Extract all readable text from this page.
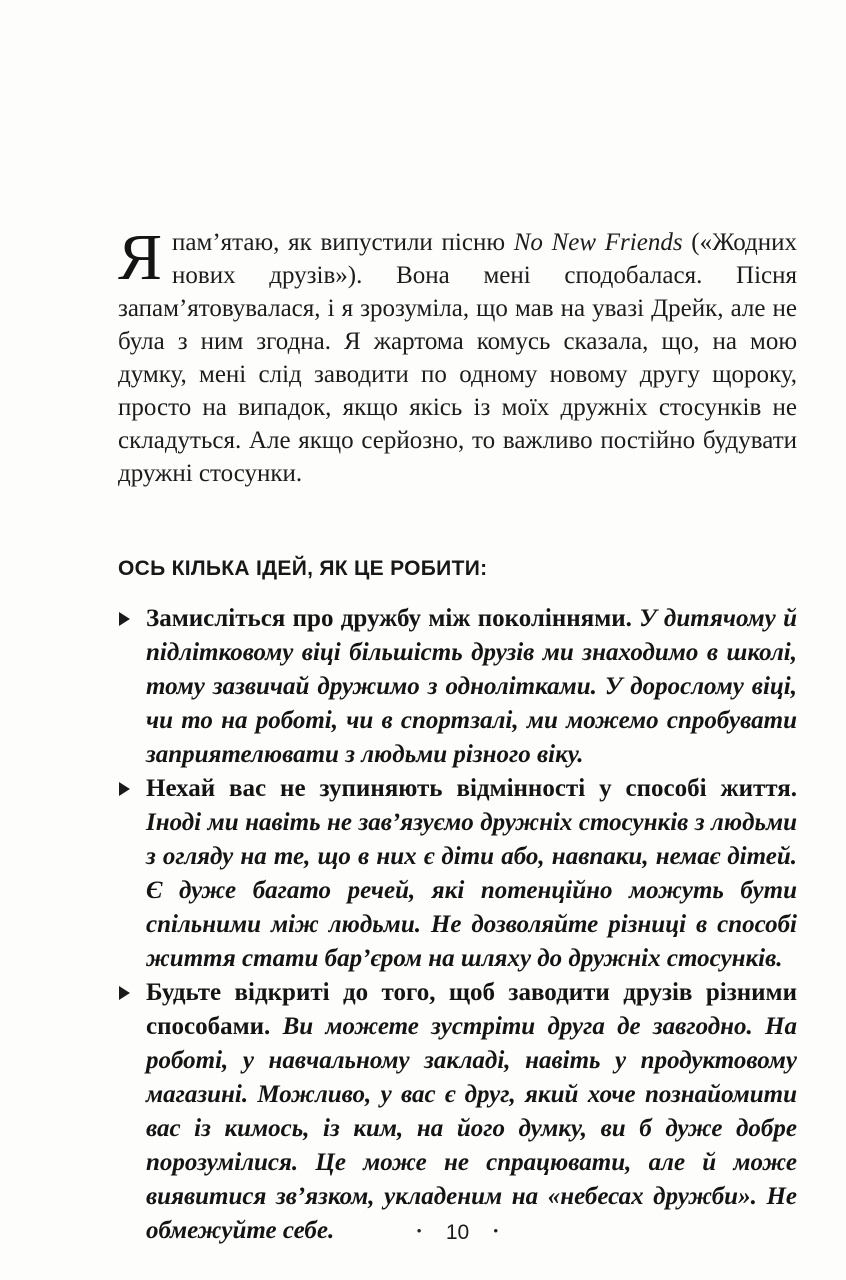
Япам’ятаю, як випустили пісню No New Friends («Жодних нових друзів»). Вона мені сподобалася. Пісня запам’ятовувалася, і я зрозуміла, що мав на увазі Дрейк, але не була з ним згодна. Я жартома комусь сказала, що, на мою думку, мені слід заводити по одному новому другу щороку, просто на випадок, якщо якісь із моїх дружніх стосунків не складуться. Але якщо серйозно, то важливо постійно будувати дружні стосунки.

ОСЬ КІЛЬКА ІДЕЙ, ЯК ЦЕ РОБИТИ:
Замисліться про дружбу між поколіннями. У дитячому й підлітковому віці більшість друзів ми знаходимо в школі, тому зазвичай дружимо з однолітками. У дорослому віці, чи то на роботі, чи в спортзалі, ми можемо спробувати заприятелювати з людьми різного віку.
Нехай вас не зупиняють відмінності у способі життя. Іноді ми навіть не зав’язуємо дружніх стосунків з людьми з огляду на те, що в них є діти або, навпаки, немає дітей. Є дуже багато речей, які потенційно можуть бути спільними між людьми. Не дозволяйте різниці в способі життя стати бар’єром на шляху до дружніх стосунків.
Будьте відкриті до того, щоб заводити друзів різними способами. Ви можете зустріти друга де завгодно. На роботі, у навчальному закладі, навіть у продуктовому магазині. Можливо, у вас є друг, який хоче познайомити вас із кимось, із ким, на його думку, ви б дуже добре порозумілися. Це може не спрацювати, але й може виявитися зв’язком, укладеним на «небесах дружби». Не обмежуйте себе.	• 10 •
